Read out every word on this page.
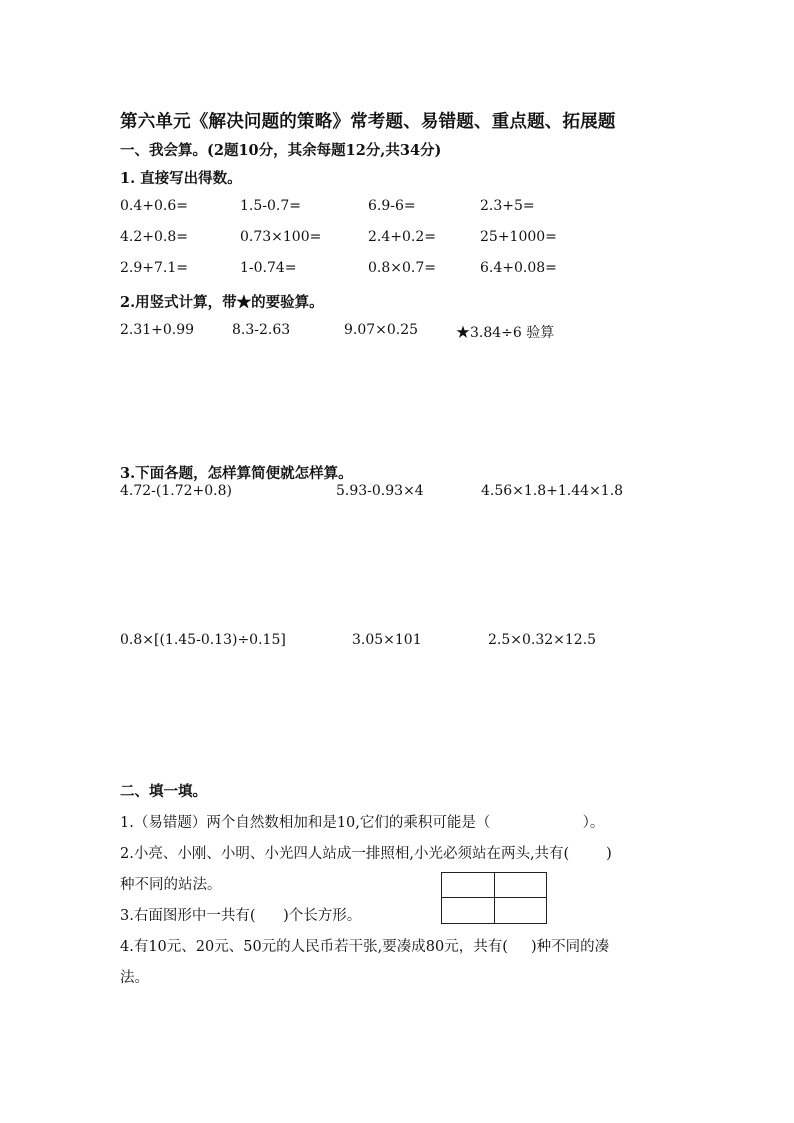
第六单元《解决问题的策略》常考题、易错题、重点题、拓展题
一、我会算。(2题10分，其余每题12分,共34分)
1. 直接写出得数。
0.4+0.6=	1.5-0.7=	6.9-6=	2.3+5=
4.2+0.8=	0.73×100=	2.4+0.2=	25+1000=
2.9+7.1=	1-0.74=	0.8×0.7=	6.4+0.08=
2.用竖式计算，带★的要验算。
2.31+0.99	8.3-2.63	9.07×0.25	★3.84÷6 验算
3.下面各题，怎样算简便就怎样算。
4.72-(1.72+0.8)	5.93-0.93×4	4.56×1.8+1.44×1.8
0.8×[(1.45-0.13)÷0.15]	3.05×101	2.5×0.32×12.5
二、填一填。
1.（易错题）两个自然数相加和是10,它们的乘积可能是（                    ）。
2.小亮、小刚、小明、小光四人站成一排照相,小光必须站在两头,共有(        )
种不同的站法。
3.右面图形中一共有(      )个长方形。
4.有10元、20元、50元的人民币若干张,要凑成80元，共有(     )种不同的凑
法。
